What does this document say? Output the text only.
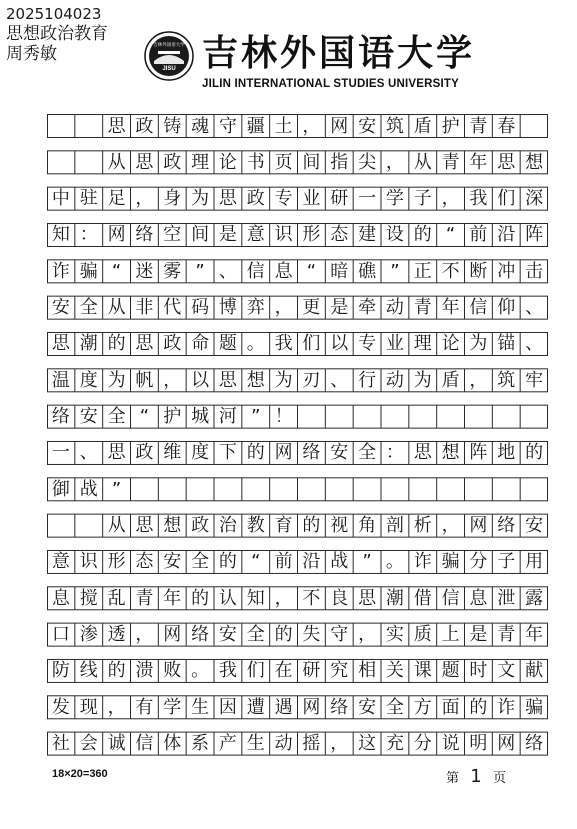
2025104023
思想政治教育
周秀敏
JISU
吉林外国语大学 吉林外国语大学
JILIN INTERNATIONAL STUDIES UNIVERSITY
思 政 铸 魂 守 疆 土 ， 网 安 筑 盾 护 青 春
从 思 政 理 论 书 页 间 指 尖 ， 从 青 年 思 想
中 驻 足 ， 身 为 思 政 专 业 研 一 学 子 ， 我 们 深
知 ： 网 络 空 间 是 意 识 形 态 建 设 的 “ 前 沿 阵
诈 骗 “ 迷 雾 ” 、 信 息 “ 暗 礁 ” 正 不 断 冲 击
安 全 从 非 代 码 博 弈 ， 更 是 牵 动 青 年 信 仰 、
思 潮 的 思 政 命 题 。 我 们 以 专 业 理 论 为 锚 、
温 度 为 帆 ， 以 思 想 为 刃 、 行 动 为 盾 ， 筑 牢
络 安 全 “ 护 城 河 ” ！
一 、 思 政 维 度 下 的 网 络 安 全 ： 思 想 阵 地 的
御 战 ”
从 思 想 政 治 教 育 的 视 角 剖 析 ， 网 络 安
意 识 形 态 安 全 的 “ 前 沿 战 ” 。 诈 骗 分 子 用
息 搅 乱 青 年 的 认 知 ， 不 良 思 潮 借 信 息 泄 露
口 渗 透 ， 网 络 安 全 的 失 守 ， 实 质 上 是 青 年
防 线 的 溃 败 。 我 们 在 研 究 相 关 课 题 时 文 献
发 现 ， 有 学 生 因 遭 遇 网 络 安 全 方 面 的 诈 骗
社 会 诚 信 体 系 产 生 动 摇 ， 这 充 分 说 明 网 络
18×20=360	第 1 页
